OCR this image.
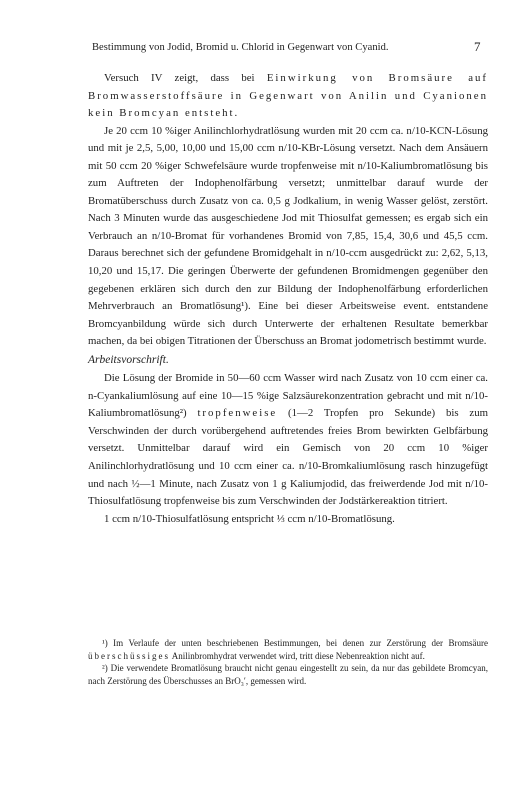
Bestimmung von Jodid, Bromid u. Chlorid in Gegenwart von Cyanid.	7

Versuch IV zeigt, dass bei Einwirkung von Bromsäure auf Bromwasserstoffsäure in Gegenwart von Anilin und Cyanionen kein Bromcyan entsteht.

Je 20 ccm 10 %iger Anilinchlorhydratlösung wurden mit 20 ccm ca. n/10-KCN-Lösung und mit je 2,5, 5,00, 10,00 und 15,00 ccm n/10-KBr-Lösung versetzt. Nach dem Ansäuern mit 50 ccm 20 %iger Schwefelsäure wurde tropfenweise mit n/10-Kaliumbromatlösung bis zum Auftreten der Indophenolfärbung versetzt; unmittelbar darauf wurde der Bromatüberschuss durch Zusatz von ca. 0,5 g Jodkalium, in wenig Wasser gelöst, zerstört. Nach 3 Minuten wurde das ausgeschiedene Jod mit Thiosulfat gemessen; es ergab sich ein Verbrauch an n/10-Bromat für vorhandenes Bromid von 7,85, 15,4, 30,6 und 45,5 ccm. Daraus berechnet sich der gefundene Bromidgehalt in n/10-ccm ausgedrückt zu: 2,62, 5,13, 10,20 und 15,17. Die geringen Überwerte der gefundenen Bromidmengen gegenüber den gegebenen erklären sich durch den zur Bildung der Indophenolfärbung erforderlichen Mehrverbrauch an Bromatlösung¹). Eine bei dieser Arbeitsweise event. entstandene Bromcyanbildung würde sich durch Unterwerte der erhaltenen Resultate bemerkbar machen, da bei obigen Titrationen der Überschuss an Bromat jodometrisch bestimmt wurde.

Arbeitsvorschrift.

Die Lösung der Bromide in 50—60 ccm Wasser wird nach Zusatz von 10 ccm einer ca. n-Cyankaliumlösung auf eine 10—15 %ige Salzsäurekonzentration gebracht und mit n/10-Kaliumbromatlösung²) tropfenweise (1—2 Tropfen pro Sekunde) bis zum Verschwinden der durch vorübergehend auftretendes freies Brom bewirkten Gelbfärbung versetzt. Unmittelbar darauf wird ein Gemisch von 20 ccm 10 %iger Anilinchlorhydratlösung und 10 ccm einer ca. n/10-Bromkaliumlösung rasch hinzugefügt und nach ½—1 Minute, nach Zusatz von 1 g Kaliumjodid, das freiwerdende Jod mit n/10-Thiosulfatlösung tropfenweise bis zum Verschwinden der Jodstärkereaktion titriert.

1 ccm n/10-Thiosulfatlösung entspricht ⅓ ccm n/10-Bromatlösung.

¹) Im Verlaufe der unten beschriebenen Bestimmungen, bei denen zur Zerstörung der Bromsäure überschüssiges Anilinbromhydrat verwendet wird, tritt diese Nebenreaktion nicht auf.

²) Die verwendete Bromatlösung braucht nicht genau eingestellt zu sein, da nur das gebildete Bromcyan, nach Zerstörung des Überschusses an BrO₃′, gemessen wird.
